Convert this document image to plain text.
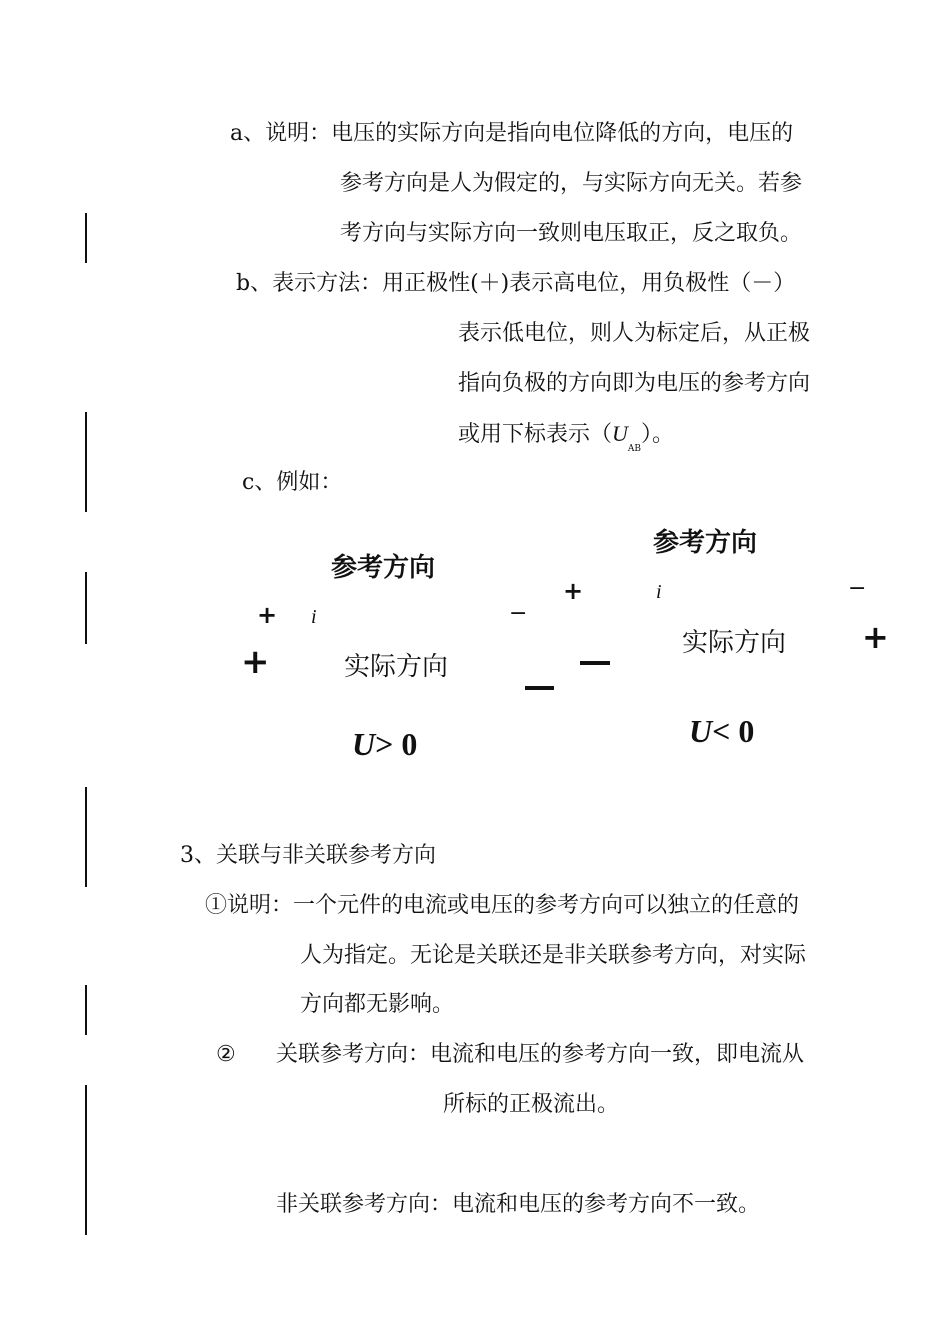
a、说明：电压的实际方向是指向电位降低的方向，电压的
参考方向是人为假定的，与实际方向无关。若参
考方向与实际方向一致则电压取正，反之取负。
b、表示方法：用正极性(＋)表示高电位，用负极性（－）
表示低电位，则人为标定后，从正极
指向负极的方向即为电压的参考方向
或用下标表示$(U_{AB})$。
c、例如：
参考方向
+ i	−
+	实际方向
U> 0
参考方向
+	i	−
实际方向 +
U< 0
3、关联与非关联参考方向
①说明：一个元件的电流或电压的参考方向可以独立的任意的
人为指定。无论是关联还是非关联参考方向，对实际
方向都无影响。
② 关联参考方向：电流和电压的参考方向一致，即电流从
所标的正极流出。
非关联参考方向：电流和电压的参考方向不一致。
